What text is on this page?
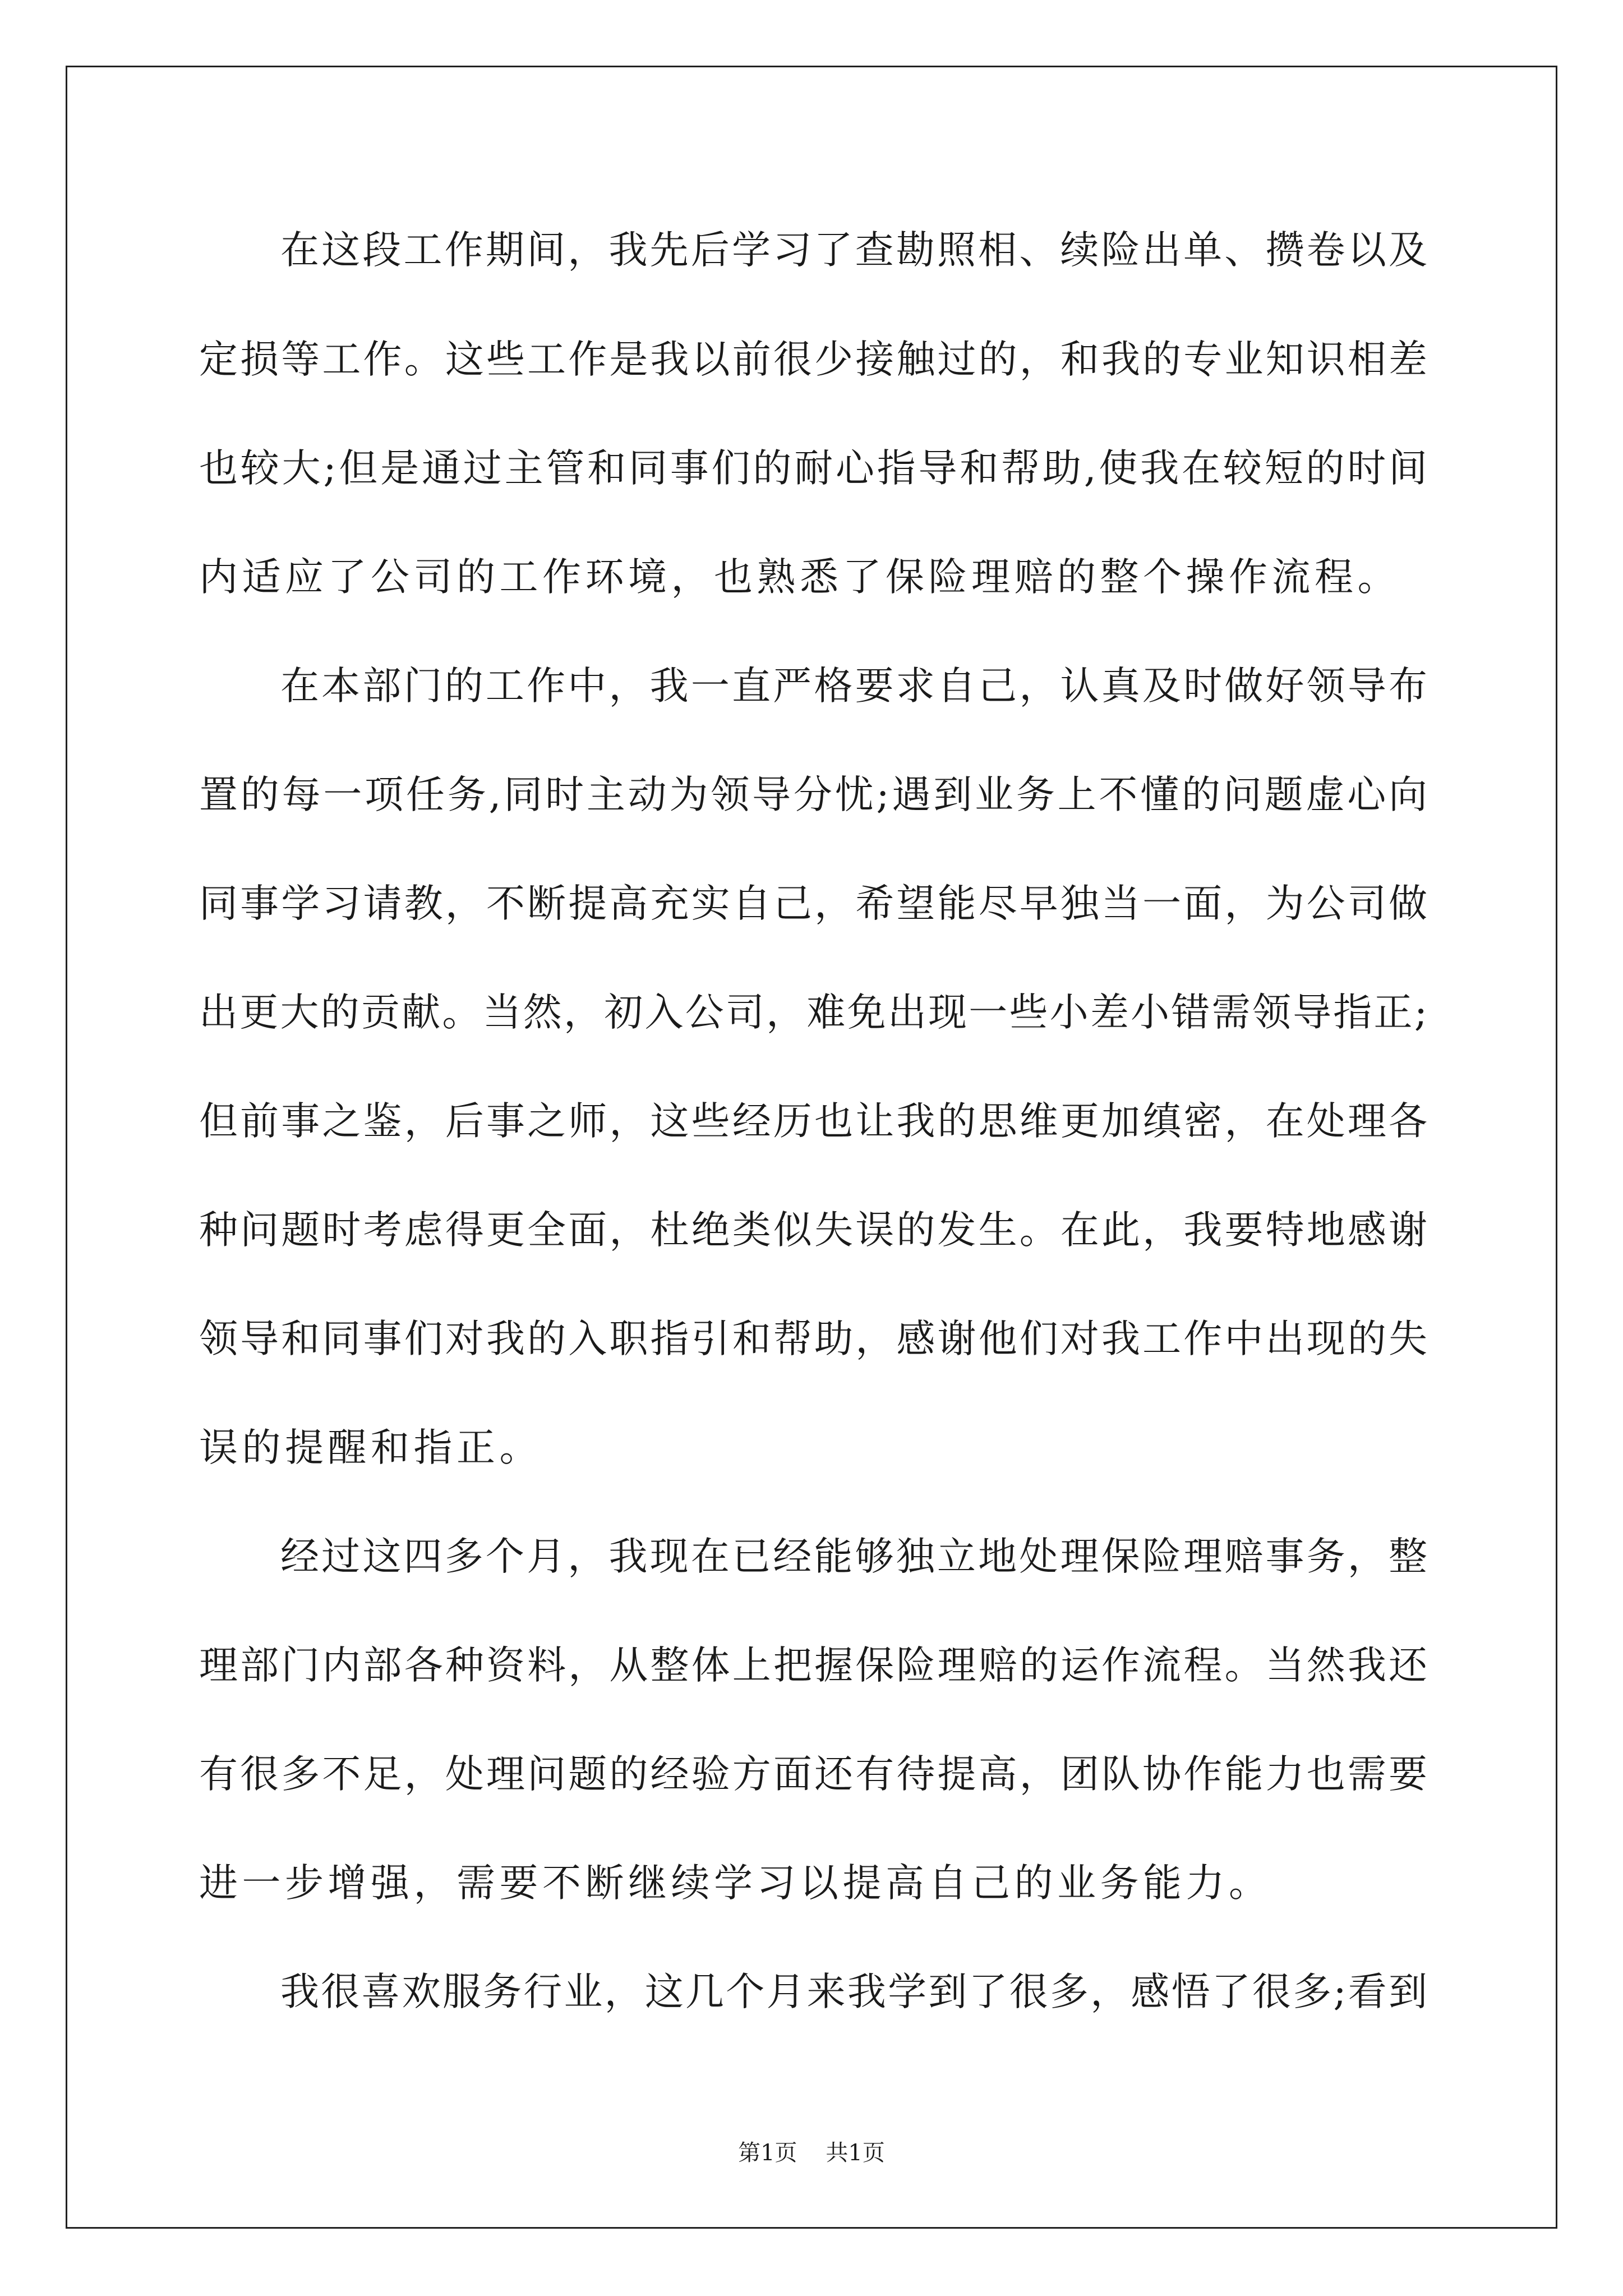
在这段工作期间，我先后学习了查勘照相、续险出单、攒卷以及
定损等工作。这些工作是我以前很少接触过的，和我的专业知识相差
也较大;但是通过主管和同事们的耐心指导和帮助,使我在较短的时间
内适应了公司的工作环境，也熟悉了保险理赔的整个操作流程。
在本部门的工作中，我一直严格要求自己，认真及时做好领导布
置的每一项任务,同时主动为领导分忧;遇到业务上不懂的问题虚心向
同事学习请教，不断提高充实自己，希望能尽早独当一面，为公司做
出更大的贡献。当然，初入公司，难免出现一些小差小错需领导指正;
但前事之鉴，后事之师，这些经历也让我的思维更加缜密，在处理各
种问题时考虑得更全面，杜绝类似失误的发生。在此，我要特地感谢
领导和同事们对我的入职指引和帮助，感谢他们对我工作中出现的失
误的提醒和指正。
经过这四多个月，我现在已经能够独立地处理保险理赔事务，整
理部门内部各种资料，从整体上把握保险理赔的运作流程。当然我还
有很多不足，处理问题的经验方面还有待提高，团队协作能力也需要
进一步增强，需要不断继续学习以提高自己的业务能力。
我很喜欢服务行业，这几个月来我学到了很多，感悟了很多;看到
第1页    共1页
